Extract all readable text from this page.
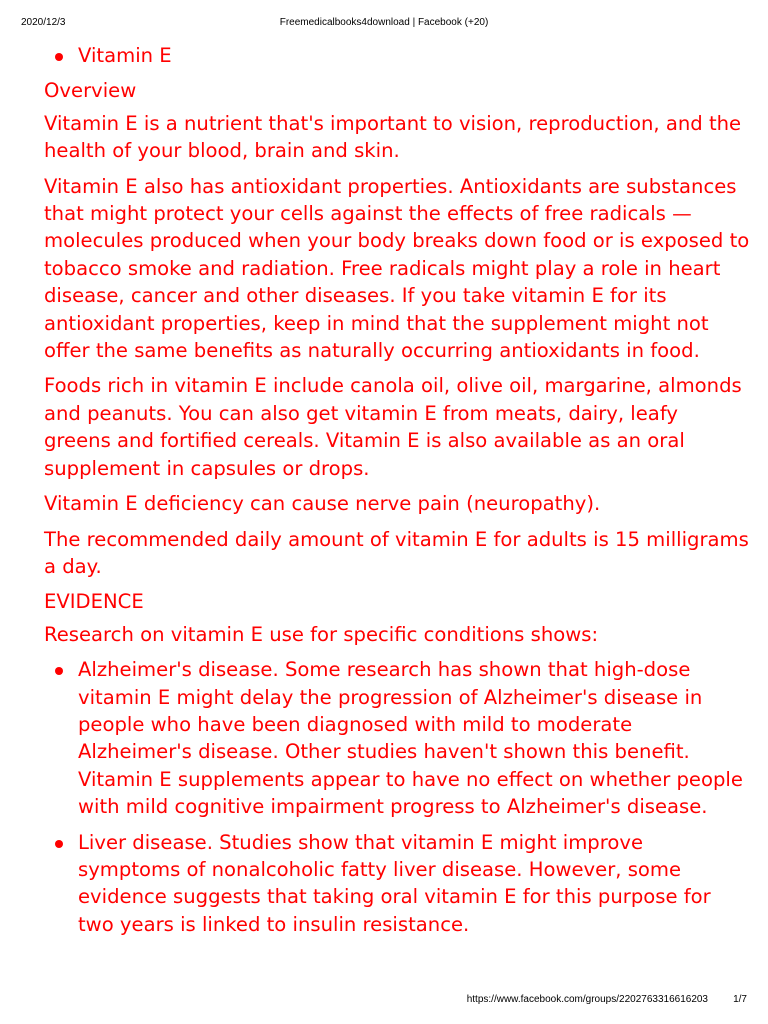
2020/12/3	Freemedicalbooks4download | Facebook (+20)
Vitamin E

Overview

Vitamin E is a nutrient that's important to vision, reproduction, and the health of your blood, brain and skin.

Vitamin E also has antioxidant properties. Antioxidants are substances that might protect your cells against the effects of free radicals — molecules produced when your body breaks down food or is exposed to tobacco smoke and radiation. Free radicals might play a role in heart disease, cancer and other diseases. If you take vitamin E for its antioxidant properties, keep in mind that the supplement might not offer the same benefits as naturally occurring antioxidants in food.

Foods rich in vitamin E include canola oil, olive oil, margarine, almonds and peanuts. You can also get vitamin E from meats, dairy, leafy greens and fortified cereals. Vitamin E is also available as an oral supplement in capsules or drops.

Vitamin E deficiency can cause nerve pain (neuropathy).

The recommended daily amount of vitamin E for adults is 15 milligrams a day.

EVIDENCE

Research on vitamin E use for specific conditions shows:

Alzheimer's disease. Some research has shown that high-dose vitamin E might delay the progression of Alzheimer's disease in people who have been diagnosed with mild to moderate Alzheimer's disease. Other studies haven't shown this benefit. Vitamin E supplements appear to have no effect on whether people with mild cognitive impairment progress to Alzheimer's disease.
Liver disease. Studies show that vitamin E might improve symptoms of nonalcoholic fatty liver disease. However, some evidence suggests that taking oral vitamin E for this purpose for two years is linked to insulin resistance.
https://www.facebook.com/groups/2202763316616203	1/7
